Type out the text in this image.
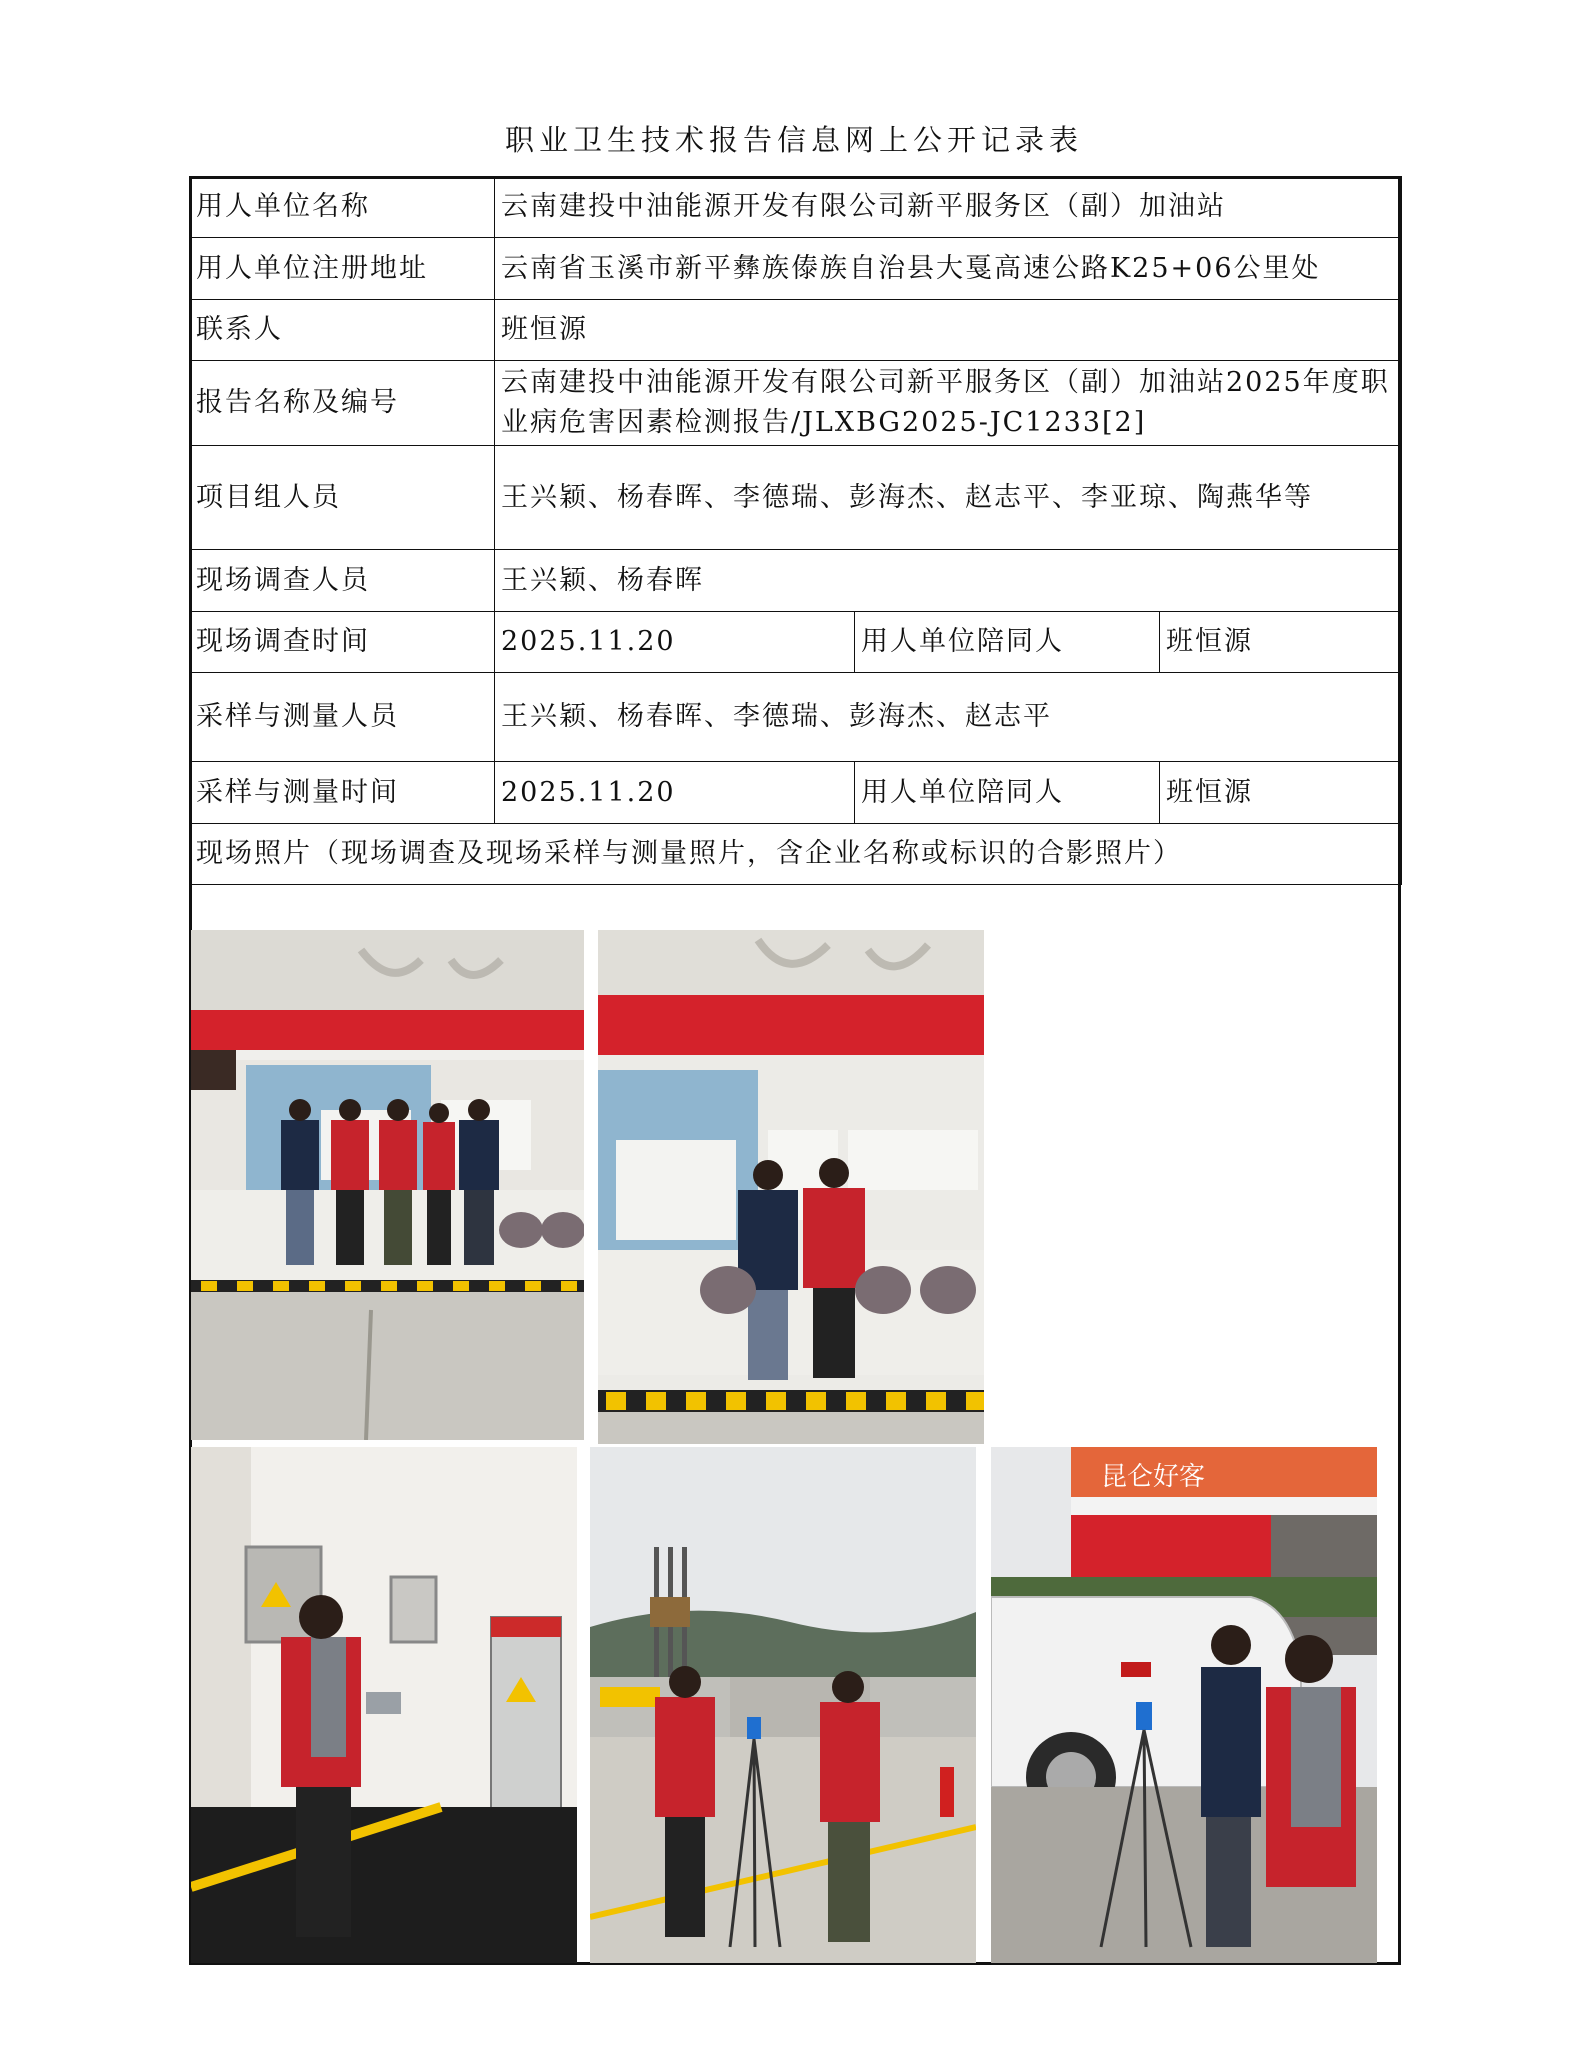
职业卫生技术报告信息网上公开记录表
用人单位名称	云南建投中油能源开发有限公司新平服务区（副）加油站		
用人单位注册地址	云南省玉溪市新平彝族傣族自治县大戛高速公路K25+06公里处		
联系人	班恒源		
报告名称及编号	云南建投中油能源开发有限公司新平服务区（副）加油站2025年度职业病危害因素检测报告/JLXBG2025-JC1233[2]		
项目组人员	王兴颖、杨春晖、李德瑞、彭海杰、赵志平、李亚琼、陶燕华等		
现场调查人员	王兴颖、杨春晖		
现场调查时间	2025.11.20	用人单位陪同人	班恒源
采样与测量人员	王兴颖、杨春晖、李德瑞、彭海杰、赵志平		
采样与测量时间	2025.11.20	用人单位陪同人	班恒源
现场照片（现场调查及现场采样与测量照片，含企业名称或标识的合影照片）			
昆仑好客
